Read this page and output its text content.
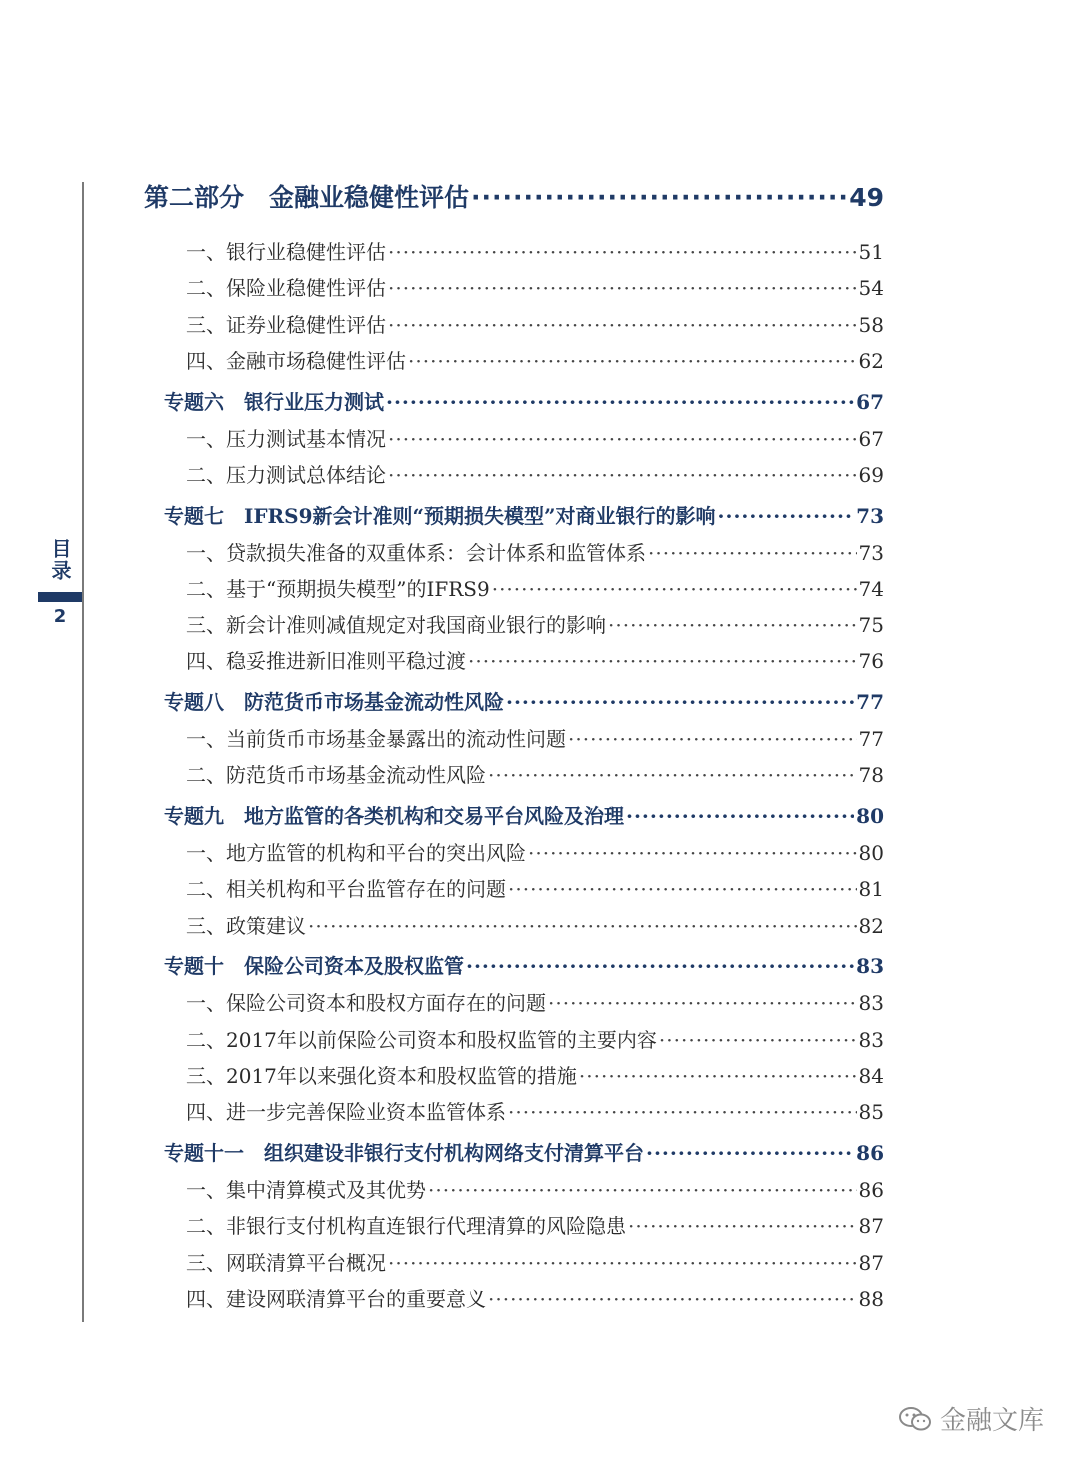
目录
2
第二部分　金融业稳健性评估 ·····	49
一、银行业稳健性评估 ·····	51
二、保险业稳健性评估 ·····	54
三、证券业稳健性评估 ·····	58
四、金融市场稳健性评估 ·····	62
专题六　银行业压力测试 ·····	67
一、压力测试基本情况 ·····	67
二、压力测试总体结论 ·····	69
专题七　IFRS9新会计准则“预期损失模型”对商业银行的影响 ·····	73
一、贷款损失准备的双重体系：会计体系和监管体系 ·····	73
二、基于“预期损失模型”的IFRS9 ·····	74
三、新会计准则减值规定对我国商业银行的影响 ·····	75
四、稳妥推进新旧准则平稳过渡 ·····	76
专题八　防范货币市场基金流动性风险 ·····	77
一、当前货币市场基金暴露出的流动性问题 ·····	77
二、防范货币市场基金流动性风险 ·····	78
专题九　地方监管的各类机构和交易平台风险及治理 ·····	80
一、地方监管的机构和平台的突出风险 ·····	80
二、相关机构和平台监管存在的问题 ·····	81
三、政策建议 ·····	82
专题十　保险公司资本及股权监管 ·····	83
一、保险公司资本和股权方面存在的问题 ·····	83
二、2017年以前保险公司资本和股权监管的主要内容 ·····	83
三、2017年以来强化资本和股权监管的措施 ·····	84
四、进一步完善保险业资本监管体系 ·····	85
专题十一　组织建设非银行支付机构网络支付清算平台 ·····	86
一、集中清算模式及其优势 ·····	86
二、非银行支付机构直连银行代理清算的风险隐患 ·····	87
三、网联清算平台概况 ·····	87
四、建设网联清算平台的重要意义 ·····	88
金融文库
